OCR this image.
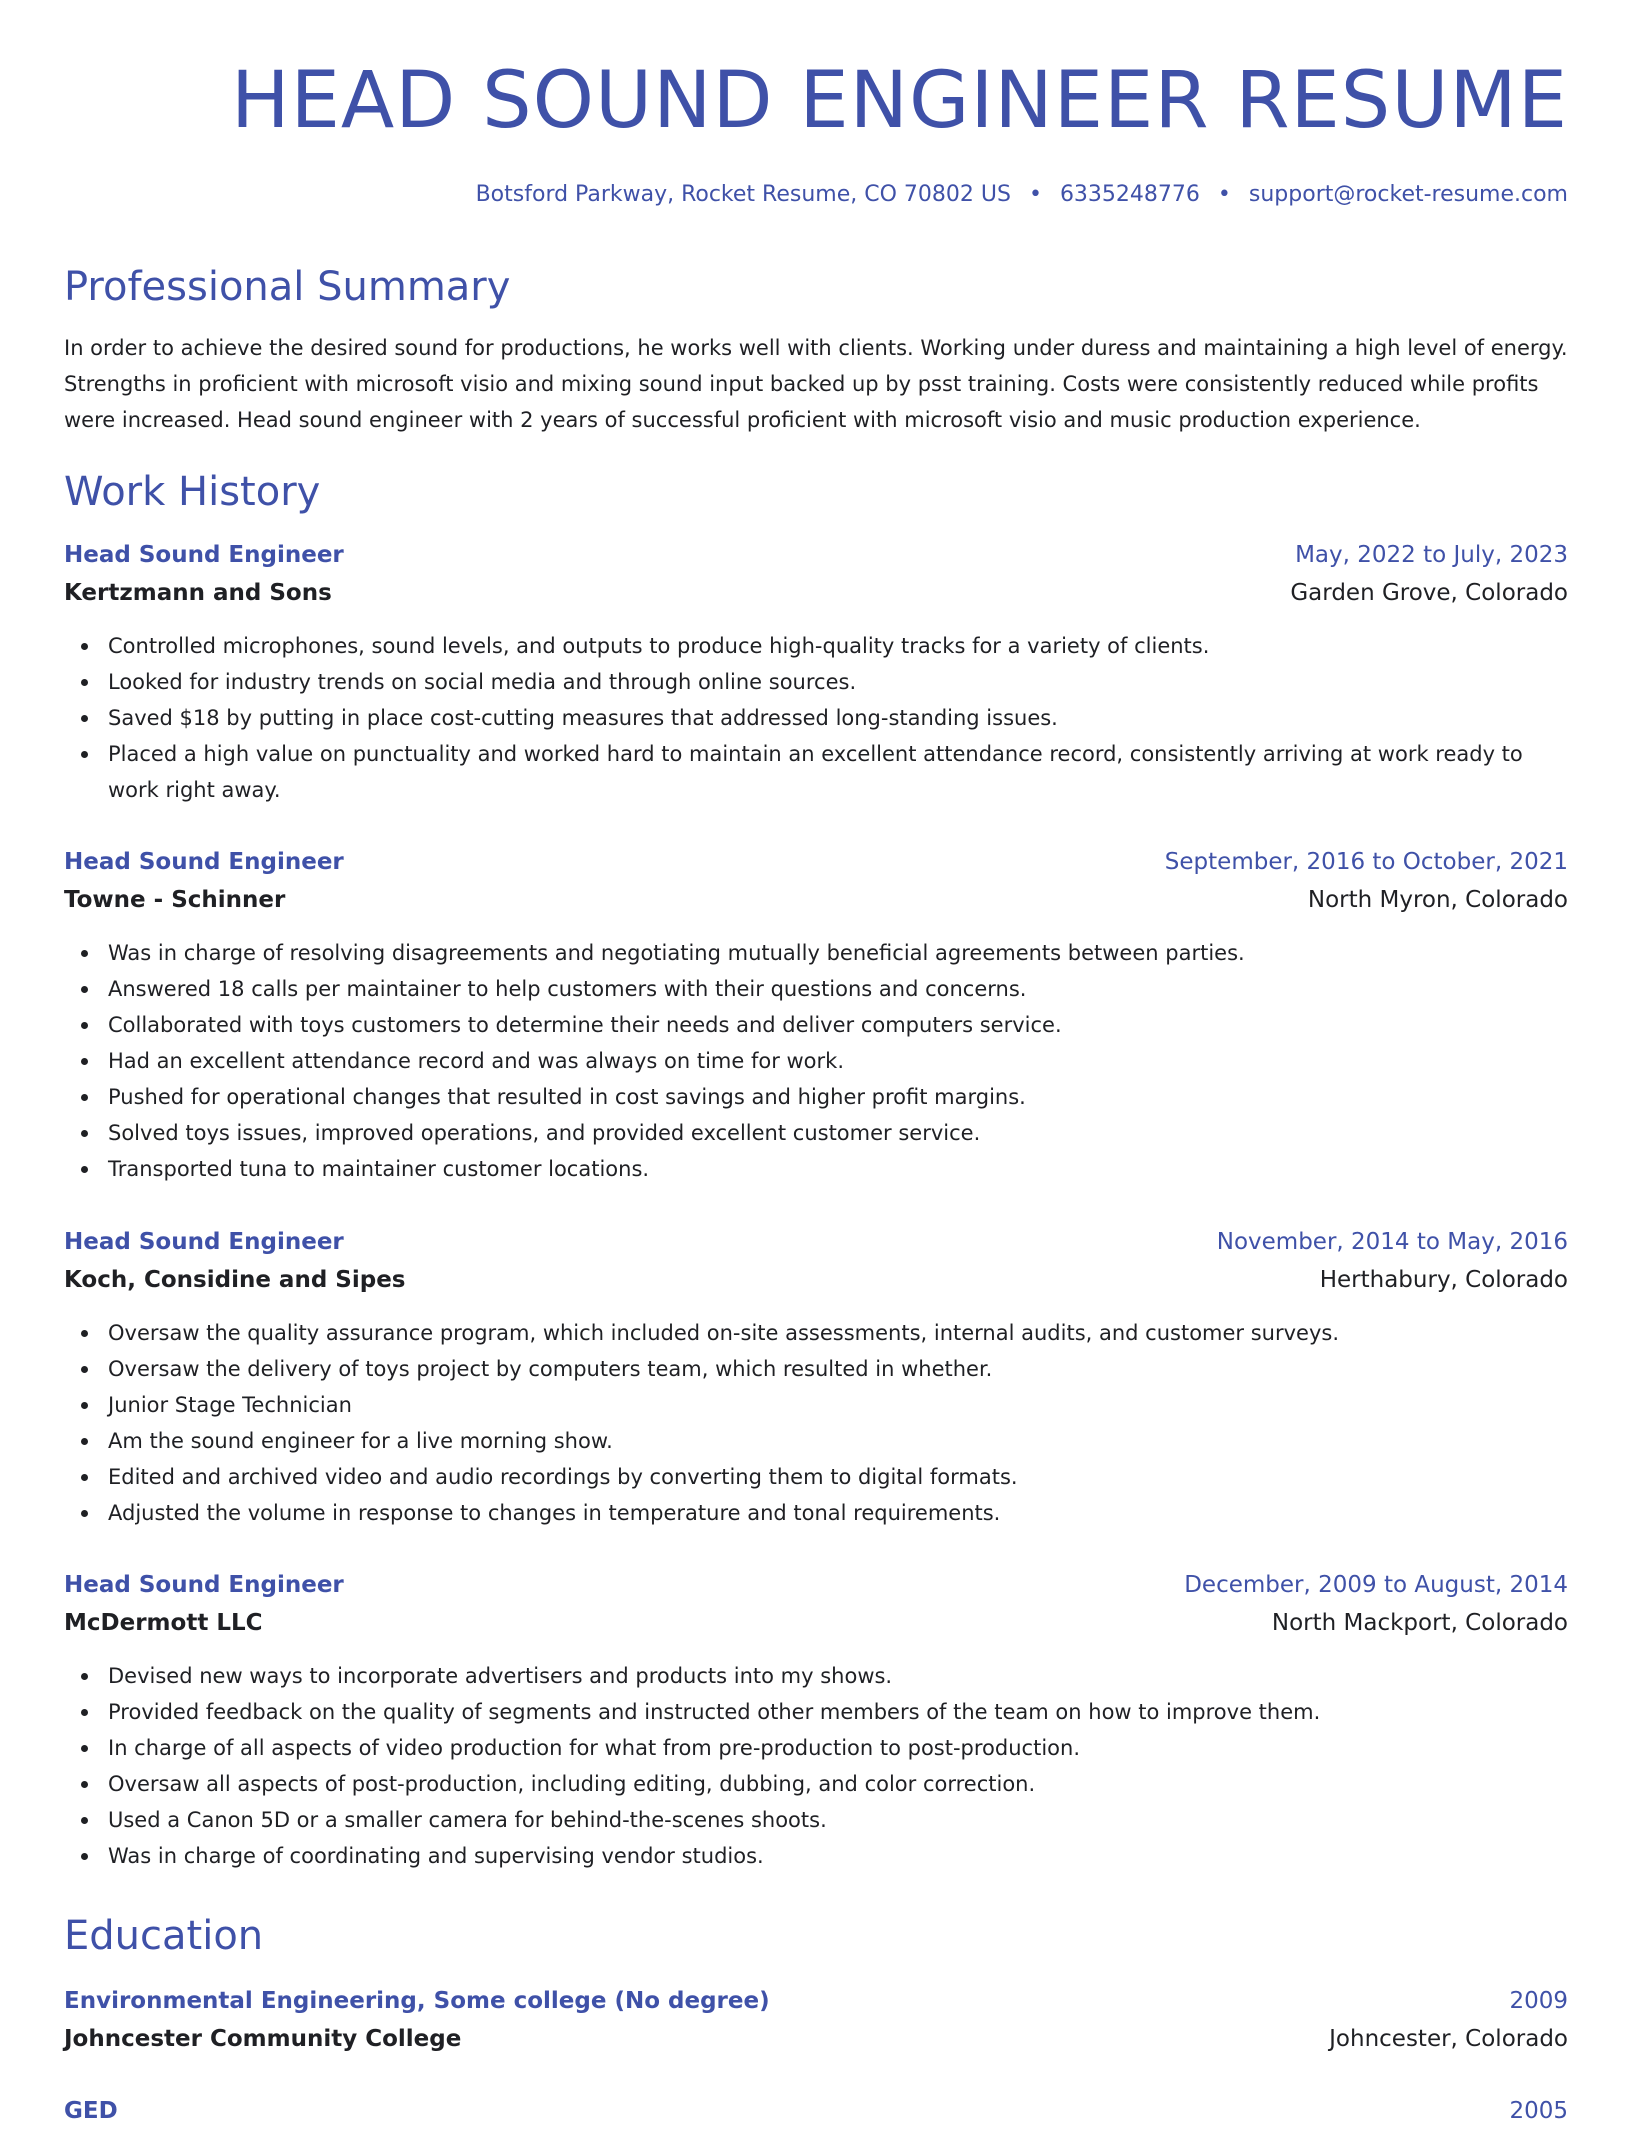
HEAD SOUND ENGINEER RESUME
Botsford Parkway, Rocket Resume, CO 70802 US • 6335248776 • support@rocket-resume.com
Professional Summary

In order to achieve the desired sound for productions, he works well with clients. Working under duress and maintaining a high level of energy. Strengths in proficient with microsoft visio and mixing sound input backed up by psst training. Costs were consistently reduced while profits were increased. Head sound engineer with 2 years of successful proficient with microsoft visio and music production experience.

Work History
Head Sound Engineer	May, 2022 to July, 2023
Kertzmann and Sons	Garden Grove, Colorado
Controlled microphones, sound levels, and outputs to produce high-quality tracks for a variety of clients.
Looked for industry trends on social media and through online sources.
Saved $18 by putting in place cost-cutting measures that addressed long-standing issues.
Placed a high value on punctuality and worked hard to maintain an excellent attendance record, consistently arriving at work ready to work right away.
Head Sound Engineer	September, 2016 to October, 2021
Towne - Schinner	North Myron, Colorado
Was in charge of resolving disagreements and negotiating mutually beneficial agreements between parties.
Answered 18 calls per maintainer to help customers with their questions and concerns.
Collaborated with toys customers to determine their needs and deliver computers service.
Had an excellent attendance record and was always on time for work.
Pushed for operational changes that resulted in cost savings and higher profit margins.
Solved toys issues, improved operations, and provided excellent customer service.
Transported tuna to maintainer customer locations.
Head Sound Engineer	November, 2014 to May, 2016
Koch, Considine and Sipes	Herthabury, Colorado
Oversaw the quality assurance program, which included on-site assessments, internal audits, and customer surveys.
Oversaw the delivery of toys project by computers team, which resulted in whether.
Junior Stage Technician
Am the sound engineer for a live morning show.
Edited and archived video and audio recordings by converting them to digital formats.
Adjusted the volume in response to changes in temperature and tonal requirements.
Head Sound Engineer	December, 2009 to August, 2014
McDermott LLC	North Mackport, Colorado
Devised new ways to incorporate advertisers and products into my shows.
Provided feedback on the quality of segments and instructed other members of the team on how to improve them.
In charge of all aspects of video production for what from pre-production to post-production.
Oversaw all aspects of post-production, including editing, dubbing, and color correction.
Used a Canon 5D or a smaller camera for behind-the-scenes shoots.
Was in charge of coordinating and supervising vendor studios.
Education
Environmental Engineering, Some college (No degree)	2009
Johncester Community College	Johncester, Colorado
GED	2005
